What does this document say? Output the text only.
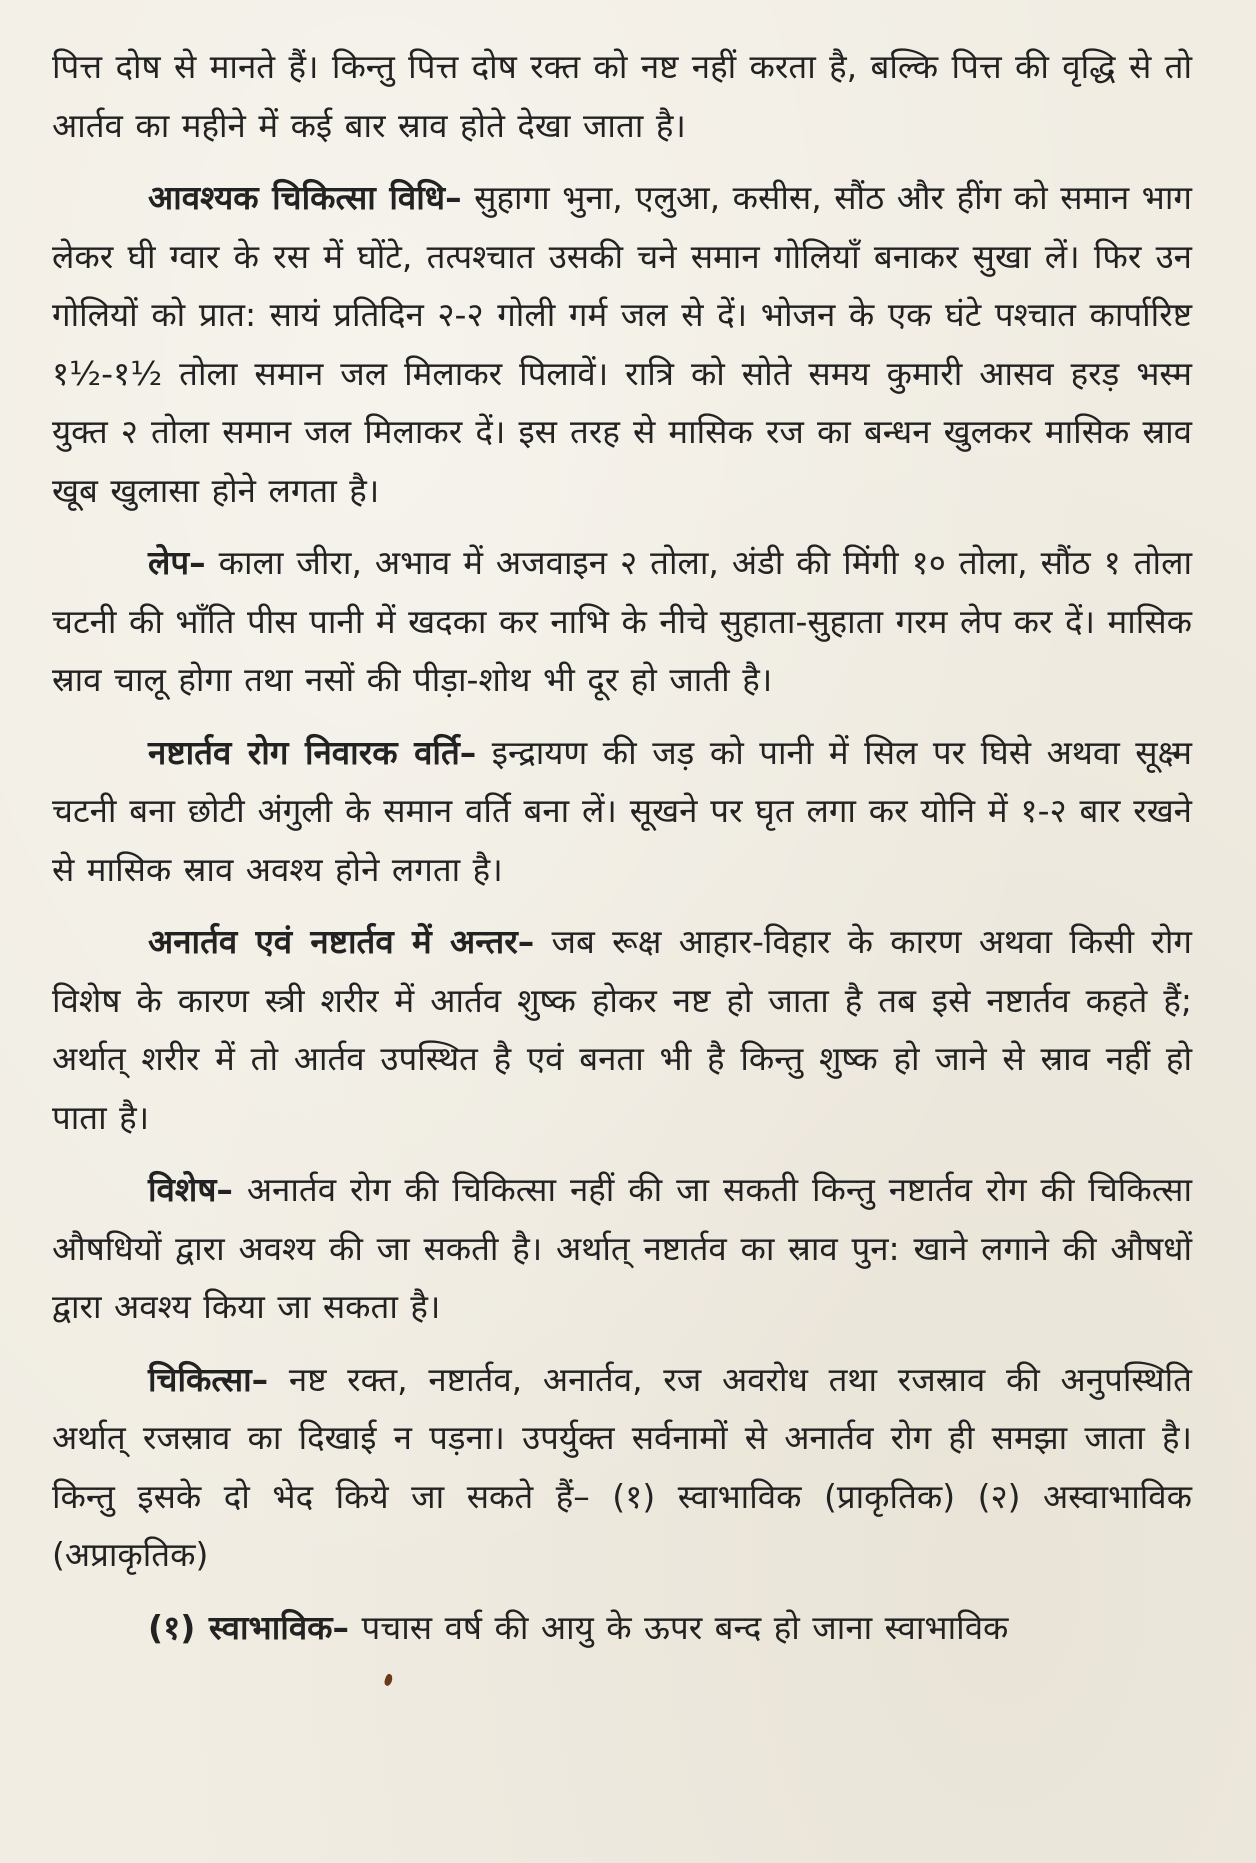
पित्त दोष से मानते हैं। किन्तु पित्त दोष रक्त को नष्ट नहीं करता है, बल्कि पित्त की वृद्धि से तो आर्तव का महीने में कई बार स्राव होते देखा जाता है।

आवश्यक चिकित्सा विधि– सुहागा भुना, एलुआ, कसीस, सौंठ और हींग को समान भाग लेकर घी ग्वार के रस में घोंटे, तत्पश्चात उसकी चने समान गोलियाँ बनाकर सुखा लें। फिर उन गोलियों को प्रात: सायं प्रतिदिन २-२ गोली गर्म जल से दें। भोजन के एक घंटे पश्चात कार्पारिष्ट १½-१½ तोला समान जल मिलाकर पिलावें। रात्रि को सोते समय कुमारी आसव हरड़ भस्म युक्त २ तोला समान जल मिलाकर दें। इस तरह से मासिक रज का बन्धन खुलकर मासिक स्राव खूब खुलासा होने लगता है।

लेप– काला जीरा, अभाव में अजवाइन २ तोला, अंडी की मिंगी १० तोला, सौंठ १ तोला चटनी की भाँति पीस पानी में खदका कर नाभि के नीचे सुहाता-सुहाता गरम लेप कर दें। मासिक स्राव चालू होगा तथा नसों की पीड़ा-शोथ भी दूर हो जाती है।

नष्टार्तव रोग निवारक वर्ति– इन्द्रायण की जड़ को पानी में सिल पर घिसे अथवा सूक्ष्म चटनी बना छोटी अंगुली के समान वर्ति बना लें। सूखने पर घृत लगा कर योनि में १-२ बार रखने से मासिक स्राव अवश्य होने लगता है।

अनार्तव एवं नष्टार्तव में अन्तर– जब रूक्ष आहार-विहार के कारण अथवा किसी रोग विशेष के कारण स्त्री शरीर में आर्तव शुष्क होकर नष्ट हो जाता है तब इसे नष्टार्तव कहते हैं; अर्थात् शरीर में तो आर्तव उपस्थित है एवं बनता भी है किन्तु शुष्क हो जाने से स्राव नहीं हो पाता है।

विशेष– अनार्तव रोग की चिकित्सा नहीं की जा सकती किन्तु नष्टार्तव रोग की चिकित्सा औषधियों द्वारा अवश्य की जा सकती है। अर्थात् नष्टार्तव का स्राव पुन: खाने लगाने की औषधों द्वारा अवश्य किया जा सकता है।

चिकित्सा– नष्ट रक्त, नष्टार्तव, अनार्तव, रज अवरोध तथा रजस्राव की अनुपस्थिति अर्थात् रजस्राव का दिखाई न पड़ना। उपर्युक्त सर्वनामों से अनार्तव रोग ही समझा जाता है। किन्तु इसके दो भेद किये जा सकते हैं– (१) स्वाभाविक (प्राकृतिक) (२) अस्वाभाविक (अप्राकृतिक)

(१) स्वाभाविक– पचास वर्ष की आयु के ऊपर बन्द हो जाना स्वाभाविक
